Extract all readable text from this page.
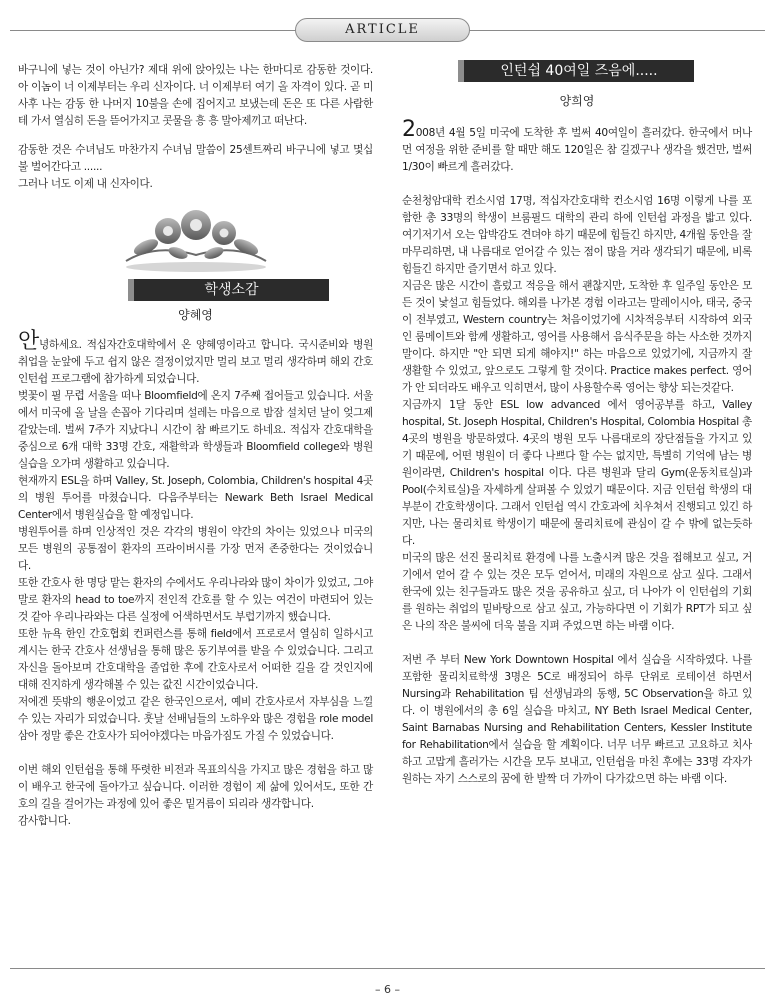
ARTICLE

바구니에 넣는 것이 아닌가? 제대 위에 앉아있는 나는 한마디로 감동한 것이다. 아 이놈이 너 이제부터는 우리 신자이다. 너 이제부터 여기 올 자격이 있다. 곧 미사후 나는 감동 한 나머지 10불을 손에 집어지고 보냈는데 돈은 또 다른 사람한테 가서 열심히 돈을 뜯어가지고 콧물을 흥 흥 말아제끼고 떠난다.

감동한 것은 수녀님도 마찬가지 수녀님 말씀이 25센트짜리 바구니에 넣고 몇십불 벌어간다고 ......
그러나 너도 이제 내 신자이다.

학생소감
양혜영

안녕하세요. 적십자간호대학에서 온 양혜영이라고 합니다. 국시준비와 병원 취업을 눈앞에 두고 쉽지 않은 결정이었지만 멀리 보고 멀리 생각하며 해외 간호 인턴쉽 프로그램에 참가하게 되었습니다.

벚꽃이 필 무렵 서울을 떠나 Bloomfield에 온지 7주째 접어들고 있습니다. 서울에서 미국에 올 날을 손꼽아 기다리며 설레는 마음으로 밤잠 설치던 날이 엊그제 같았는데. 벌써 7주가 지났다니 시간이 참 빠르기도 하네요. 적십자 간호대학을 중심으로 6개 대학 33명 간호, 재활학과 학생들과 Bloomfield college와 병원실습을 오가며 생활하고 있습니다.

현재까지 ESL을 하며 Valley, St. Joseph, Colombia, Children's hospital 4곳의 병원 투어를 마쳤습니다. 다음주부터는 Newark Beth Israel Medical Center에서 병원실습을 할 예정입니다.

병원투어를 하며 인상적인 것은 각각의 병원이 약간의 차이는 있었으나 미국의 모든 병원의 공통점이 환자의 프라이버시를 가장 먼저 존중한다는 것이었습니다.

또한 간호사 한 명당 맡는 환자의 수에서도 우리나라와 많이 차이가 있었고, 그야말로 환자의 head to toe까지 전인적 간호를 할 수 있는 여건이 마련되어 있는 것 같아 우리나라와는 다른 실정에 어색하면서도 부럽기까지 했습니다.

또한 뉴욕 한인 간호협회 컨퍼런스를 통해 field에서 프로로서 열심히 일하시고 계시는 한국 간호사 선생님을 통해 많은 동기부여를 받을 수 있었습니다. 그리고 자신을 돌아보며 간호대학을 졸업한 후에 간호사로서 어떠한 길을 갈 것인지에 대해 진지하게 생각해볼 수 있는 값진 시간이었습니다.

저에겐 뜻밖의 행운이었고 같은 한국인으로서, 예비 간호사로서 자부심을 느낄 수 있는 자리가 되었습니다. 훗날 선배님들의 노하우와 많은 경험을 role model 삼아 정말 좋은 간호사가 되어야겠다는 마음가짐도 가질 수 있었습니다.

이번 해외 인턴쉽을 통해 뚜렷한 비전과 목표의식을 가지고 많은 경험을 하고 많이 배우고 한국에 돌아가고 싶습니다. 이러한 경험이 제 삶에 있어서도, 또한 간호의 길을 걸어가는 과정에 있어 좋은 밑거름이 되리라 생각합니다.

감사합니다.

인턴쉽 40여일 즈음에.....
양희영

2008년 4월 5일 미국에 도착한 후 벌써 40여일이 흘러갔다. 한국에서 머나먼 여정을 위한 준비를 할 때만 해도 120일은 참 길겠구나 생각을 했건만, 벌써 1/30이 빠르게 흘러갔다.

순천청암대학 컨소시엄 17명, 적십자간호대학 컨소시엄 16명 이렇게 나를 포함한 총 33명의 학생이 브룸필드 대학의 관리 하에 인턴쉽 과정을 밟고 있다. 여기저기서 오는 압박감도 견뎌야 하기 때문에 힘들긴 하지만, 4개월 동안을 잘 마무리하면, 내 나름대로 얻어갈 수 있는 점이 많을 거라 생각되기 때문에, 비록 힘들긴 하지만 즐기면서 하고 있다.

지금은 많은 시간이 흘렀고 적응을 해서 괜찮지만, 도착한 후 일주일 동안은 모든 것이 낯설고 힘들었다. 해외를 나가본 경험 이라고는 말레이시아, 태국, 중국이 전부였고, Western country는 처음이었기에 시차적응부터 시작하여 외국인 룸메이트와 함께 생활하고, 영어를 사용해서 음식주문을 하는 사소한 것까지 말이다. 하지만 "안 되면 되게 해야지!" 하는 마음으로 있었기에, 지금까지 잘 생활할 수 있었고, 앞으로도 그렇게 할 것이다. Practice makes perfect. 영어가 안 되더라도 배우고 익히면서, 많이 사용할수록 영어는 향상 되는것같다.

지금까지 1달 동안 ESL low advanced 에서 영어공부를 하고, Valley hospital, St. Joseph Hospital, Children's Hospital, Colombia Hospital 총 4곳의 병원을 방문하였다. 4곳의 병원 모두 나름대로의 장단점들을 가지고 있기 때문에, 어떤 병원이 더 좋다 나쁘다 할 수는 없지만, 특별히 기억에 남는 병원이라면, Children's hospital 이다. 다른 병원과 달리 Gym(운동치료실)과 Pool(수치료실)을 자세하게 살펴볼 수 있었기 때문이다. 지금 인턴쉽 학생의 대부분이 간호학생이다. 그래서 인턴쉽 역시 간호과에 치우쳐서 진행되고 있긴 하지만, 나는 물리치료 학생이기 때문에 물리치료에 관심이 갈 수 밖에 없는듯하다.

미국의 많은 선진 물리치료 환경에 나를 노출시켜 많은 것을 접해보고 싶고, 거기에서 얻어 갈 수 있는 것은 모두 얻어서, 미래의 자원으로 삼고 싶다. 그래서 한국에 있는 친구들과도 많은 것을 공유하고 싶고, 더 나아가 이 인턴쉽의 기회를 원하는 취업의 밑바탕으로 삼고 싶고, 가능하다면 이 기회가 RPT가 되고 싶은 나의 작은 불씨에 더욱 불을 지펴 주었으면 하는 바램 이다.

저번 주 부터 New York Downtown Hospital 에서 실습을 시작하였다. 나를 포함한 물리치료학생 3명은 5C로 배정되어 하루 단위로 로테이션 하면서 Nursing과 Rehabilitation 팀 선생님과의 동행, 5C Observation을 하고 있다. 이 병원에서의 총 6일 실습을 마치고, NY Beth Israel Medical Center, Saint Barnabas Nursing and Rehabilitation Centers, Kessler Institute for Rehabilitation에서 실습을 할 계획이다. 너무 너무 빠르고 고요하고 치사하고 고맙게 흘러가는 시간을 모두 보내고, 인턴쉽을 마친 후에는 33명 각자가 원하는 자기 스스로의 꿈에 한 발짝 더 가까이 다가갔으면 하는 바램 이다.

– 6 –
